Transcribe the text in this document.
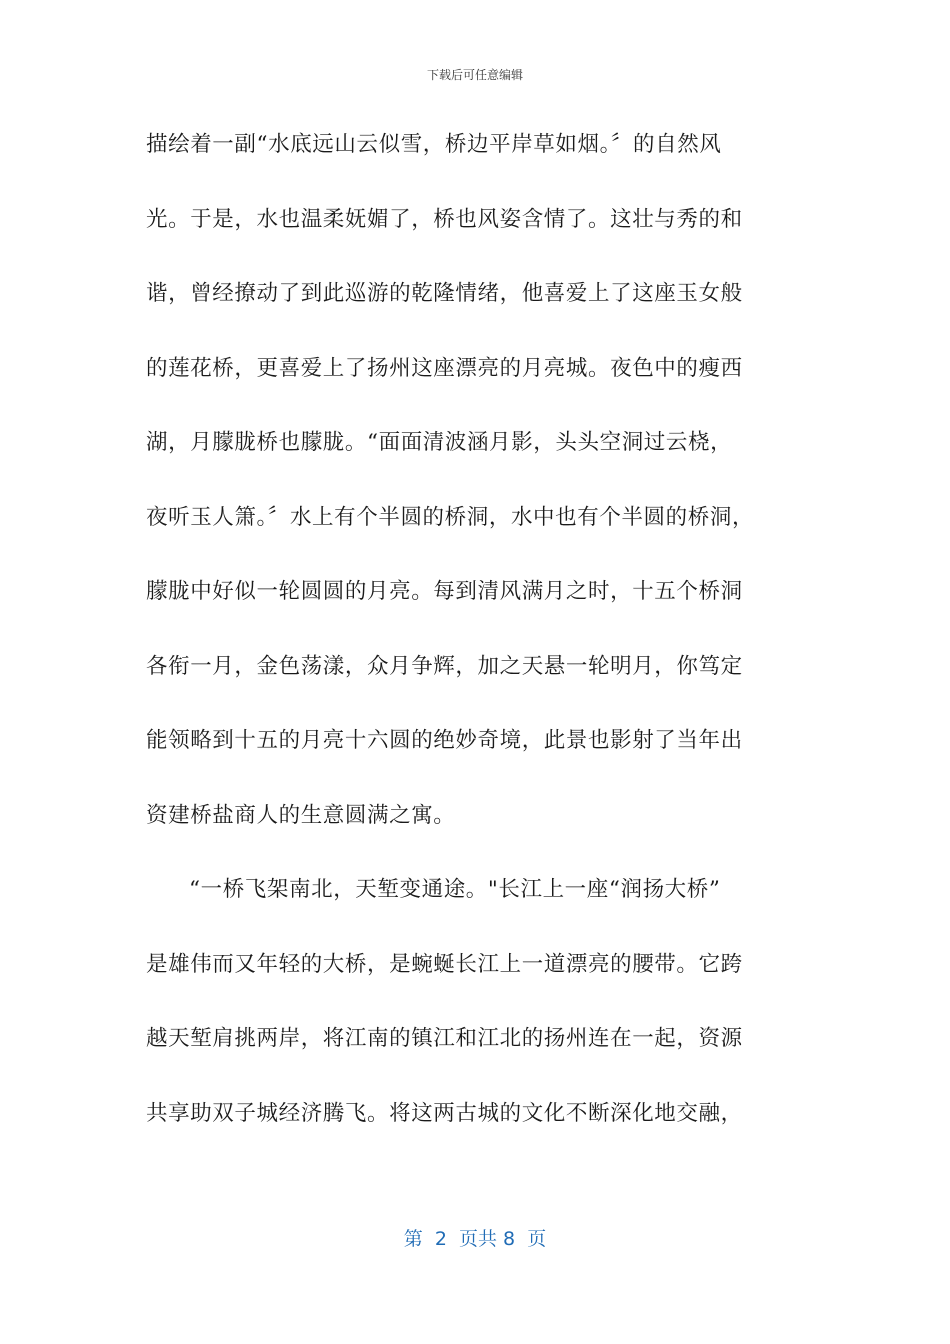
下载后可任意编辑
描绘着一副“水底远山云似雪，桥边平岸草如烟。〞的自然风
光。于是，水也温柔妩媚了，桥也风姿含情了。这壮与秀的和
谐，曾经撩动了到此巡游的乾隆情绪，他喜爱上了这座玉女般
的莲花桥，更喜爱上了扬州这座漂亮的月亮城。夜色中的瘦西
湖，月朦胧桥也朦胧。“面面清波涵月影，头头空洞过云桡，
夜听玉人箫。〞水上有个半圆的桥洞，水中也有个半圆的桥洞，
朦胧中好似一轮圆圆的月亮。每到清风满月之时，十五个桥洞
各衔一月，金色荡漾，众月争辉，加之天悬一轮明月，你笃定
能领略到十五的月亮十六圆的绝妙奇境，此景也影射了当年出
资建桥盐商人的生意圆满之寓。
“一桥飞架南北，天堑变通途。"长江上一座“润扬大桥”
是雄伟而又年轻的大桥，是蜿蜒长江上一道漂亮的腰带。它跨
越天堑肩挑两岸，将江南的镇江和江北的扬州连在一起，资源
共享助双子城经济腾飞。将这两古城的文化不断深化地交融，
第  2  页共 8  页
